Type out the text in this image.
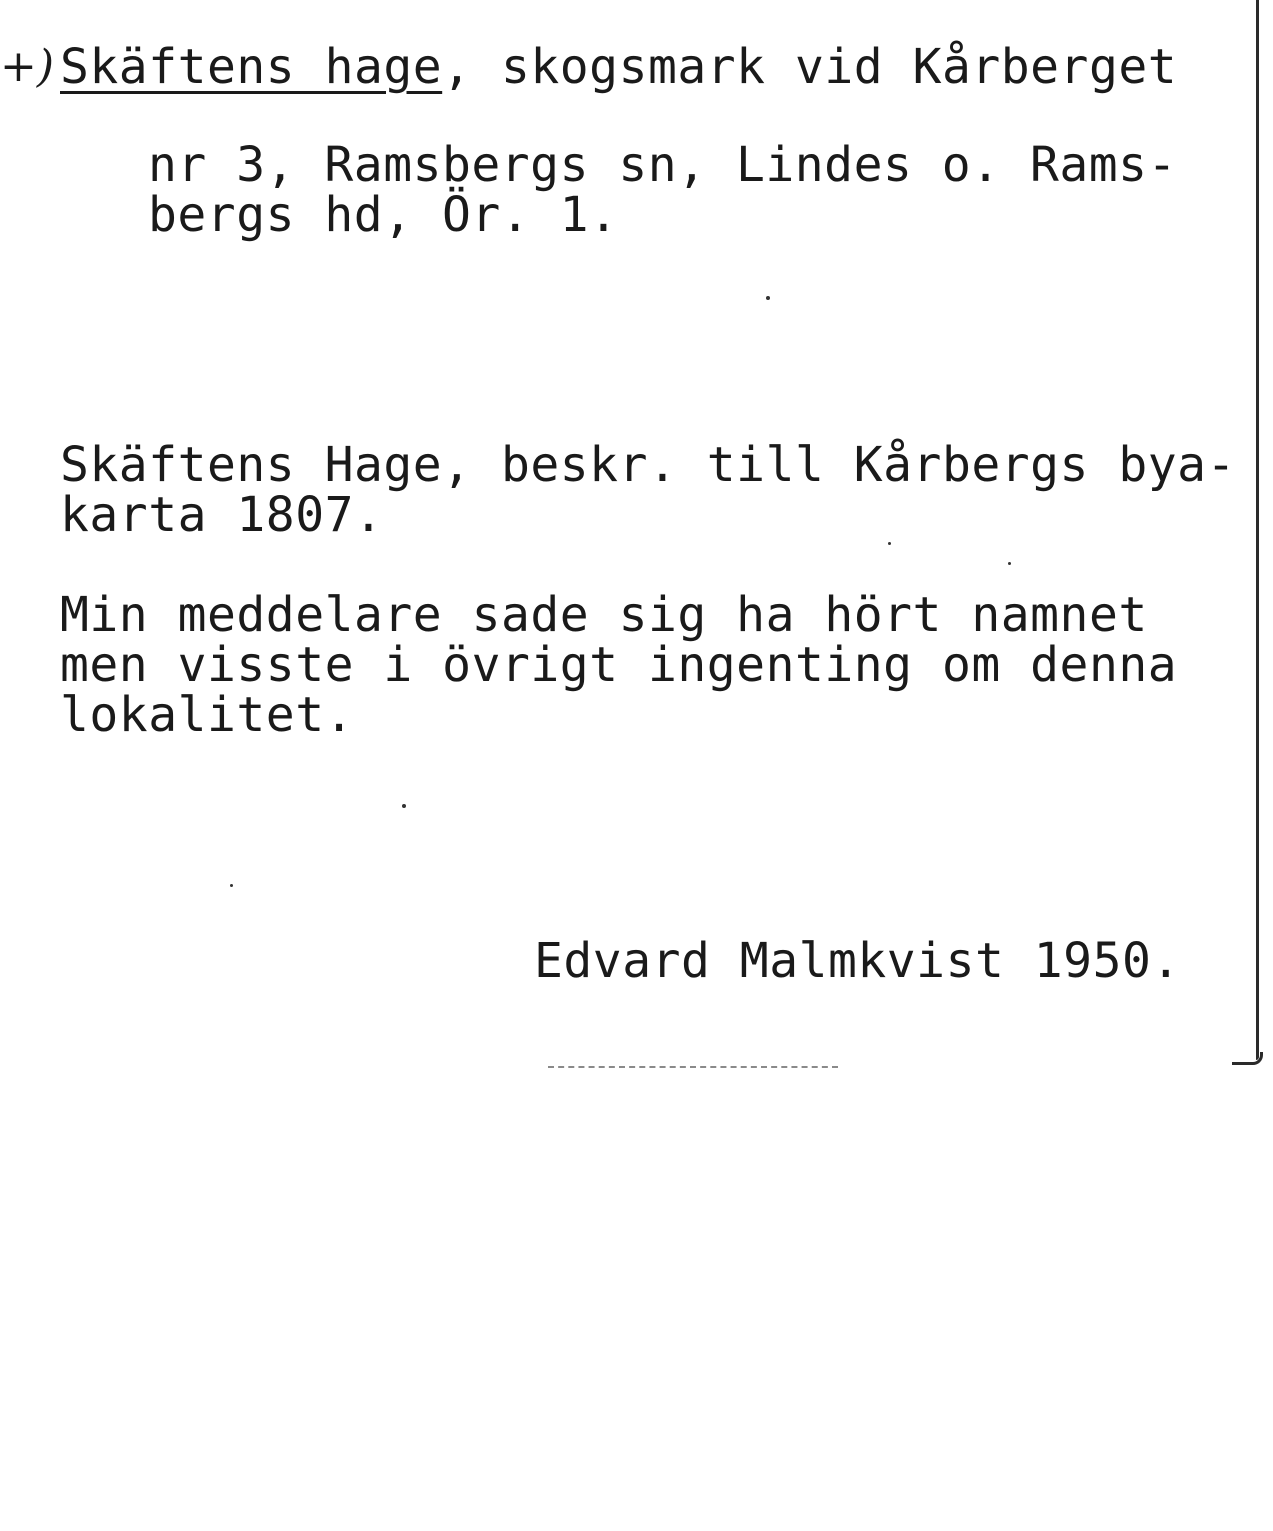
+) Skäftens hage, skogsmark vid Kårberget
nr 3, Ramsbergs sn, Lindes o. Rams-
bergs hd, Ör. 1.
Skäftens Hage, beskr. till Kårbergs bya-
karta 1807.
Min meddelare sade sig ha hört namnet
men visste i övrigt ingenting om denna
lokalitet.
Edvard Malmkvist 1950.
